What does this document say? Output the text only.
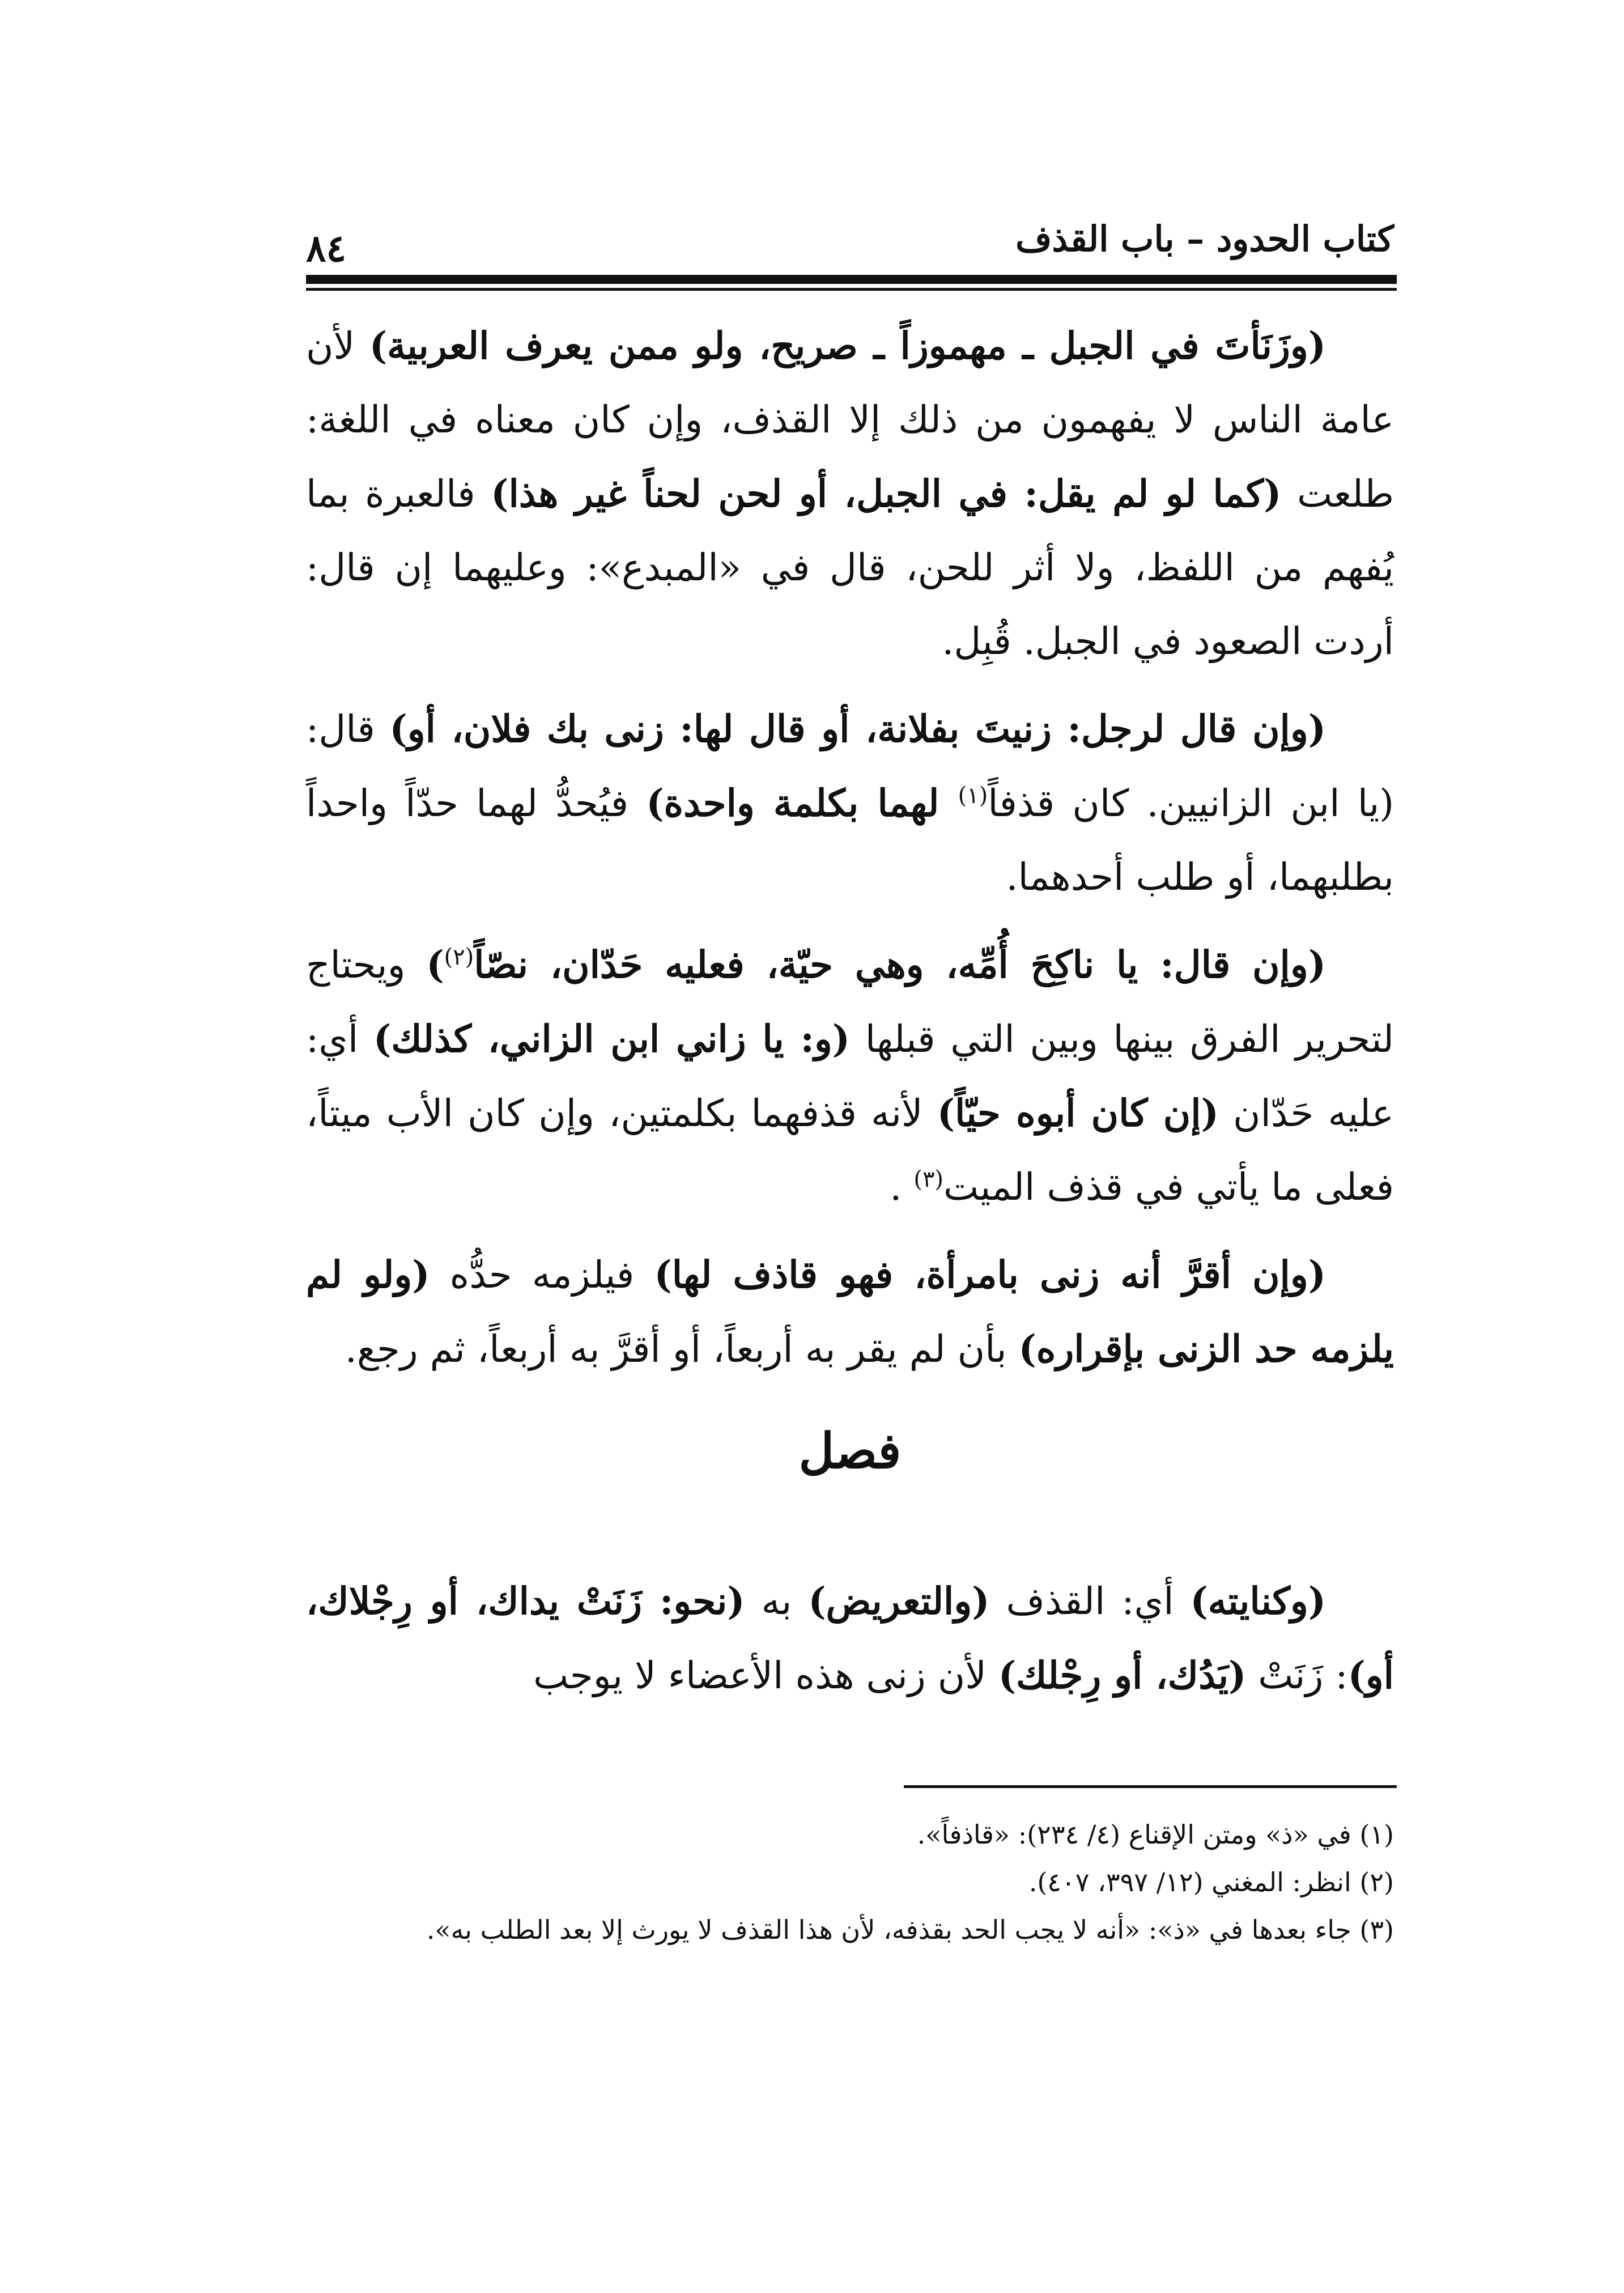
٨٤	كتاب الحدود – باب القذف

(وزَنَأتَ في الجبل ـ مهموزاً ـ صريح، ولو ممن يعرف العربية) لأن عامة الناس لا يفهمون من ذلك إلا القذف، وإن كان معناه في اللغة: طلعت (كما لو لم يقل: في الجبل، أو لحن لحناً غير هذا) فالعبرة بما يُفهم من اللفظ، ولا أثر للحن، قال في «المبدع»: وعليهما إن قال: أردت الصعود في الجبل. قُبِل.

(وإن قال لرجل: زنيتَ بفلانة، أو قال لها: زنى بك فلان، أو) قال: (يا ابن الزانيين. كان قذفاً$^{(١)}$ لهما بكلمة واحدة) فيُحدُّ لهما حدّاً واحداً بطلبهما، أو طلب أحدهما.

(وإن قال: يا ناكِحَ أُمِّه، وهي حيّة، فعليه حَدّان، نصّاً$^{(٢)}$) ويحتاج لتحرير الفرق بينها وبين التي قبلها (و: يا زاني ابن الزاني، كذلك) أي: عليه حَدّان (إن كان أبوه حيّاً) لأنه قذفهما بكلمتين، وإن كان الأب ميتاً، فعلى ما يأتي في قذف الميت$^{(٣)}$ .

(وإن أقرَّ أنه زنى بامرأة، فهو قاذف لها) فيلزمه حدُّه (ولو لم يلزمه حد الزنى بإقراره) بأن لم يقر به أربعاً، أو أقرَّ به أربعاً، ثم رجع.

فصل

(وكنايته) أي: القذف (والتعريض) به (نحو: زَنَتْ يداك، أو رِجْلاك، أو): زَنَتْ (يَدُك، أو رِجْلك) لأن زنى هذه الأعضاء لا يوجب

(١) في «ذ» ومتن الإقناع (٤/ ٢٣٤): «قاذفاً».

(٢) انظر: المغني (١٢/ ٣٩٧، ٤٠٧).

(٣) جاء بعدها في «ذ»: «أنه لا يجب الحد بقذفه، لأن هذا القذف لا يورث إلا بعد الطلب به».
